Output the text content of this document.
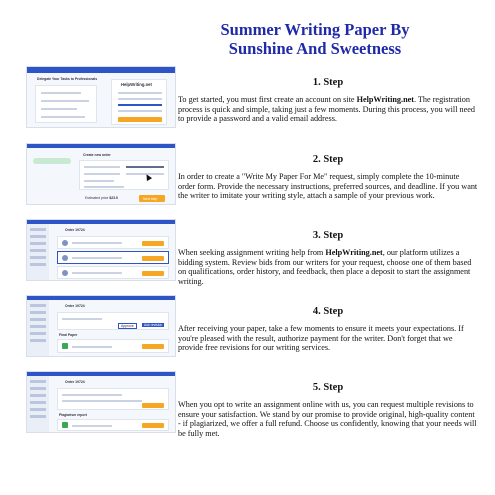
Summer Writing Paper By
Sunshine And Sweetness
Delegate Your Tasks to Professionals
HelpWriting.net
Create new order
Estimated price $23.5	Next step
Order 19724
Order 19724
Approve	Ask revision
Final Paper
Order 19724
Plagiarism report
1. Step

To get started, you must first create an account on site HelpWriting.net. The registration process is quick and simple, taking just a few moments. During this process, you will need to provide a password and a valid email address.

2. Step

In order to create a "Write My Paper For Me" request, simply complete the 10-minute order form. Provide the necessary instructions, preferred sources, and deadline. If you want the writer to imitate your writing style, attach a sample of your previous work.

3. Step

When seeking assignment writing help from HelpWriting.net, our platform utilizes a bidding system. Review bids from our writers for your request, choose one of them based on qualifications, order history, and feedback, then place a deposit to start the assignment writing.

4. Step

After receiving your paper, take a few moments to ensure it meets your expectations. If you're pleased with the result, authorize payment for the writer. Don't forget that we provide free revisions for our writing services.

5. Step

When you opt to write an assignment online with us, you can request multiple revisions to ensure your satisfaction. We stand by our promise to provide original, high-quality content - if plagiarized, we offer a full refund. Choose us confidently, knowing that your needs will be fully met.
